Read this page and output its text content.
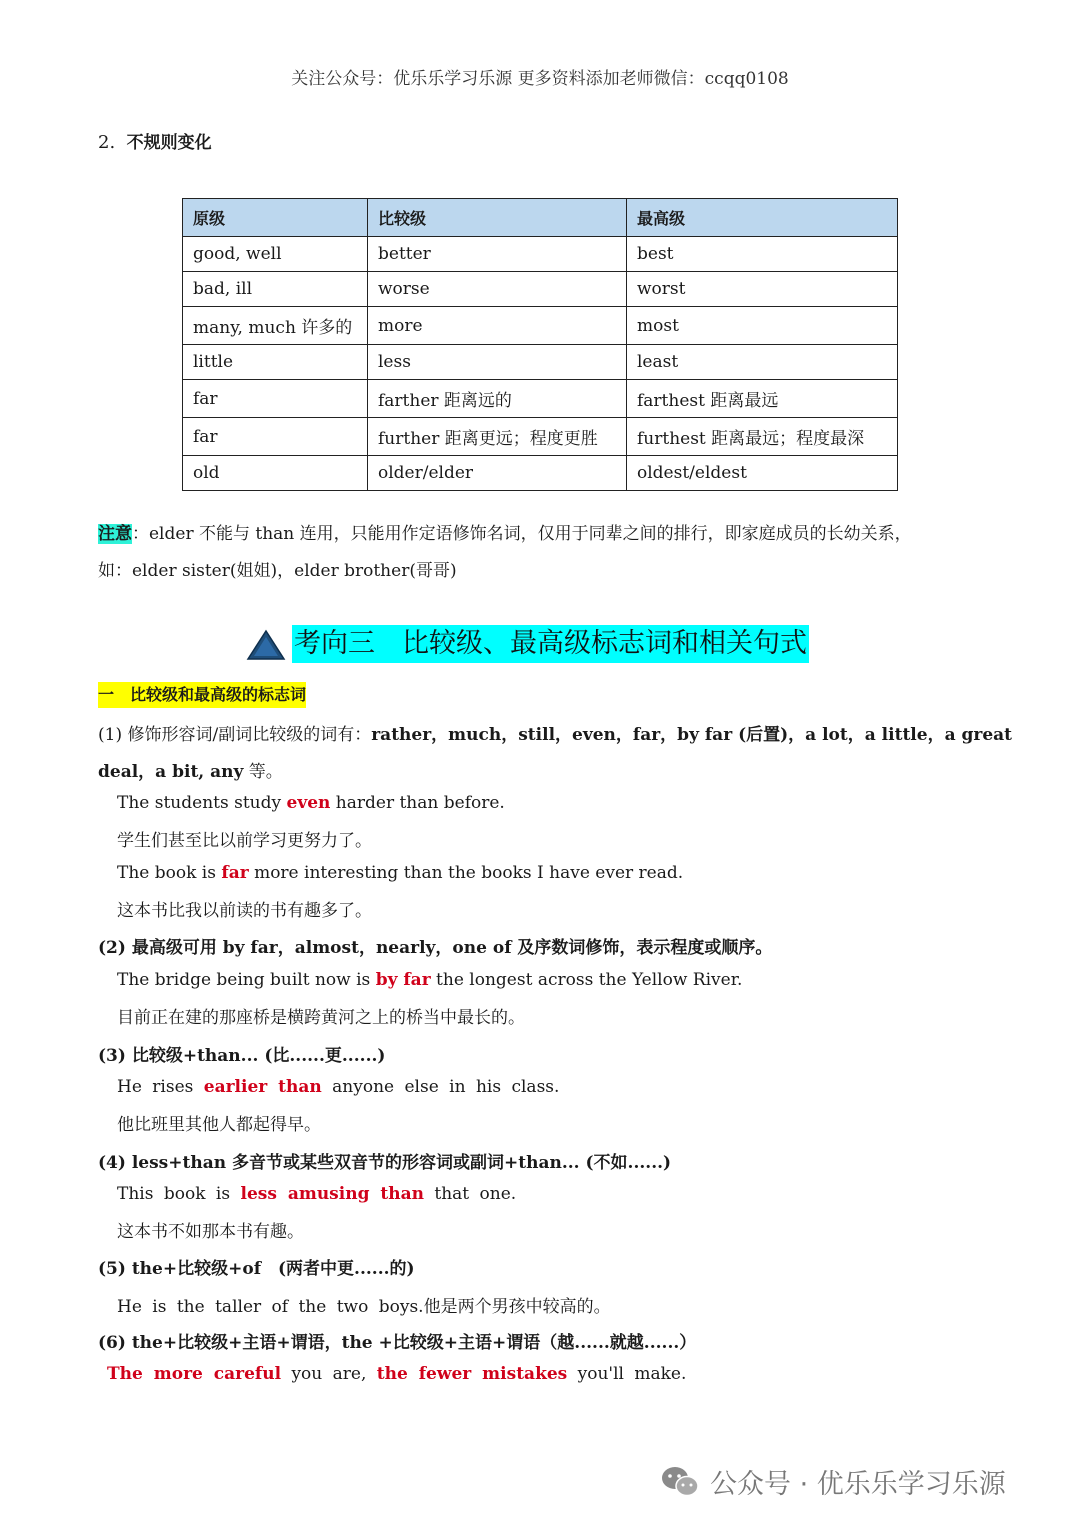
关注公众号：优乐乐学习乐源 更多资料添加老师微信：ccqq0108
2. 不规则变化
原级	比较级	最高级
good, well	better	best
bad, ill	worse	worst
many, much 许多的	more	most
little	less	least
far	farther 距离远的	farthest 距离最远
far	further 距离更远；程度更胜	furthest 距离最远；程度最深
old	older/elder	oldest/eldest
注意：elder 不能与 than 连用，只能用作定语修饰名词，仅用于同辈之间的排行，即家庭成员的长幼关系，
如：elder sister(姐姐)，elder brother(哥哥)
考向三　比较级、最高级标志词和相关句式
一　比较级和最高级的标志词
(1) 修饰形容词/副词比较级的词有：rather，much，still，even，far，by far (后置)，a lot，a little，a great
deal，a bit, any 等。
The students study even harder than before.
学生们甚至比以前学习更努力了。
The book is far more interesting than the books I have ever read.
这本书比我以前读的书有趣多了。
(2) 最高级可用 by far，almost，nearly，one of 及序数词修饰，表示程度或顺序。
The bridge being built now is by far the longest across the Yellow River.
目前正在建的那座桥是横跨黄河之上的桥当中最长的。
(3) 比较级+than... (比......更......)
He rises earlier than anyone else in his class.
他比班里其他人都起得早。
(4) less+than 多音节或某些双音节的形容词或副词+than... (不如......)
This book is less amusing than that one.
这本书不如那本书有趣。
(5) the+比较级+of　(两者中更......的)
He is the taller of the two boys.他是两个男孩中较高的。
(6) the+比较级+主语+谓语，the +比较级+主语+谓语（越......就越......）
The more careful you are, the fewer mistakes you'll make.
公众号 · 优乐乐学习乐源
